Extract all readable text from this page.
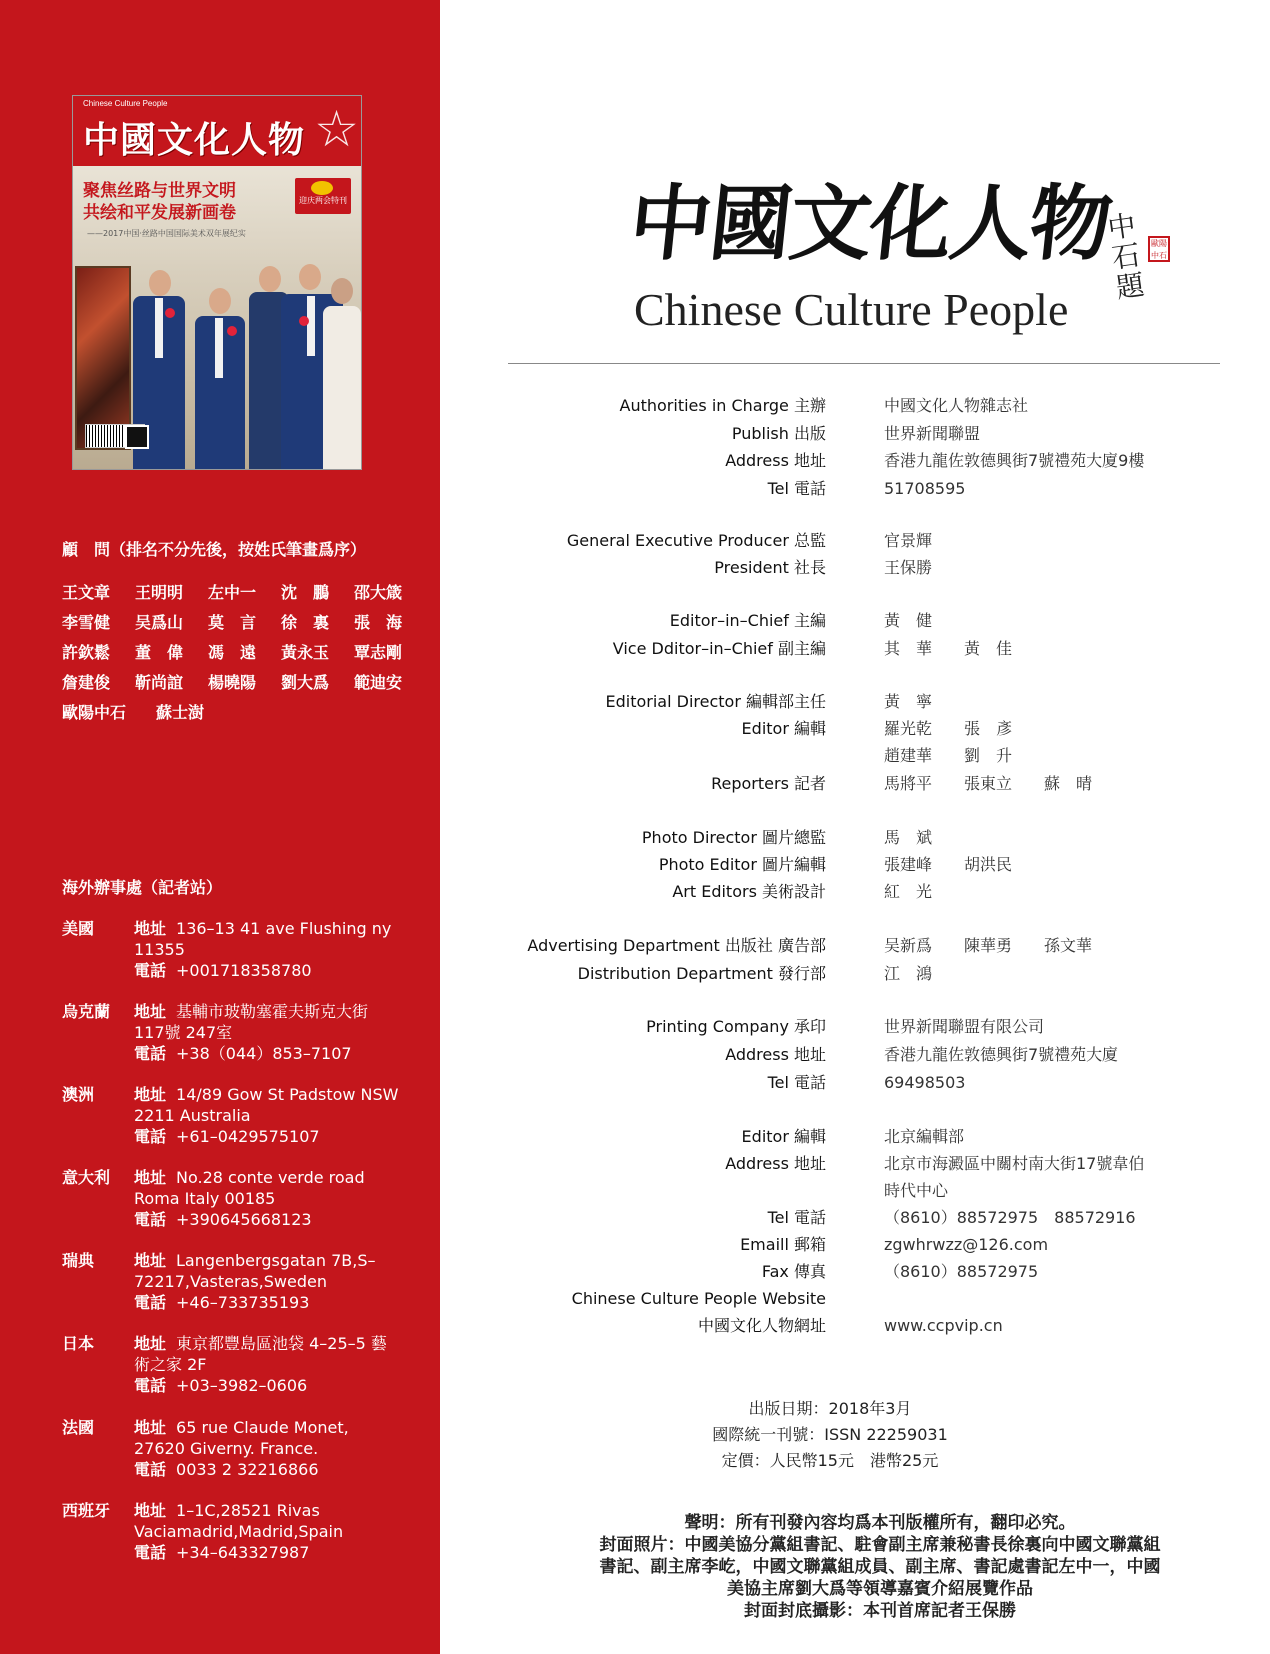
Chinese Culture People
中國文化人物 ☆
聚焦丝路与世界文明
共绘和平发展新画卷
——2017中国·丝路中国国际美术双年展纪实
迎庆两会特刊
顧　問（排名不分先後，按姓氏筆畫爲序）
王文章 王明明 左中一 沈　鵬 邵大箴
李雪健 吴爲山 莫　言 徐　裏 張　海
許欽鬆 董　偉 馮　遠 黃永玉 覃志剛
詹建俊 靳尚誼 楊曉陽 劉大爲 範迪安
歐陽中石 蘇士澍
海外辦事處（記者站）
美國 地址 136–13 41 ave Flushing ny 11355
電話 +001718358780
烏克蘭 地址 基輔市玻勒塞霍夫斯克大街 117號 247室
電話 +38（044）853–7107
澳洲 地址 14/89 Gow St Padstow NSW 2211 Australia
電話 +61–0429575107
意大利 地址 No.28 conte verde road Roma Italy 00185
電話 +390645668123
瑞典 地址 Langenbergsgatan 7B,S–72217,Vasteras,Sweden
電話 +46–733735193
日本 地址 東京都豐島區池袋 4–25–5 藝術之家 2F
電話 +03–3982–0606
法國 地址 65 rue Claude Monet, 27620 Giverny. France.
電話 0033 2 32216866
西班牙 地址 1–1C,28521 Rivas Vaciamadrid,Madrid,Spain
電話 +34–643327987
中國文化人物
Chinese Culture People
中石題
歐陽中石
Authorities in Charge 主辦	中國文化人物雜志社
Publish 出版	世界新聞聯盟
Address 地址	香港九龍佐敦德興街7號禮苑大廈9樓
Tel 電話	51708595
General Executive Producer 总監	官景輝
President 社長	王保勝
Editor–in–Chief 主編	黃　健
Vice Dditor–in–Chief 副主編	其　華　　黃　佳
Editorial Director 編輯部主任	黃　寧
Editor 編輯	羅光乾　　張　彥
趙建華　　劉　升
Reporters 記者	馬將平　　張東立　　蘇　晴
Photo Director 圖片總監	馬　斌
Photo Editor 圖片編輯	張建峰　　胡洪民
Art Editors 美術設計	紅　光
Advertising Department 出版社 廣告部	吴新爲　　陳華勇　　孫文華
Distribution Department 發行部	江　鴻
Printing Company 承印	世界新聞聯盟有限公司
Address 地址	香港九龍佐敦德興街7號禮苑大廈
Tel 電話	69498503
Editor 編輯	北京編輯部
Address 地址	北京市海澱區中關村南大街17號韋伯
時代中心
Tel 電話	（8610）88572975　88572916
Emaill 郵箱	zgwhrwzz@126.com
Fax 傳真	（8610）88572975
Chinese Culture People Website
中國文化人物網址	www.ccpvip.cn
出版日期：2018年3月
國際統一刊號：ISSN 22259031
定價：人民幣15元　港幣25元
聲明：所有刊發內容均爲本刊版權所有，翻印必究。
封面照片：中國美協分黨組書記、駐會副主席兼秘書長徐裏向中國文聯黨組
書記、副主席李屹，中國文聯黨組成員、副主席、書記處書記左中一，中國
美協主席劉大爲等領導嘉賓介紹展覽作品
封面封底攝影：本刊首席記者王保勝
